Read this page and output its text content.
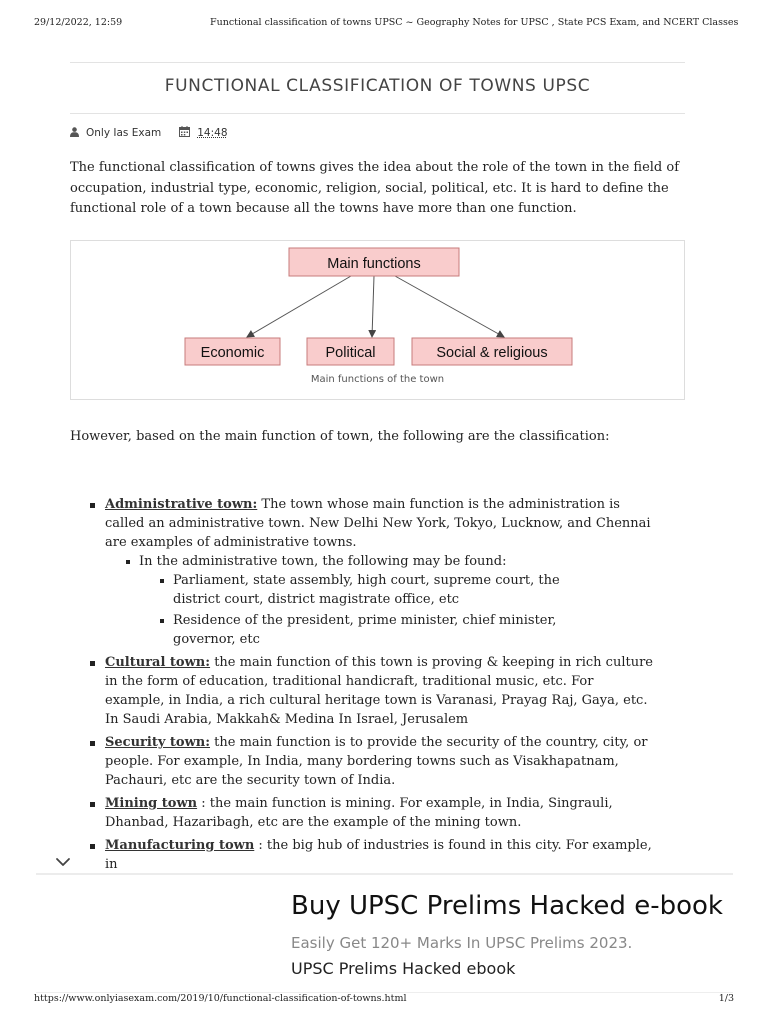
29/12/2022, 12:59	Functional classification of towns UPSC ~ Geography Notes for UPSC , State PCS Exam, and NCERT Classes
FUNCTIONAL CLASSIFICATION OF TOWNS UPSC
Only Ias Exam	14:48

The functional classification of towns gives the idea about the role of the town in the field of occupation, industrial type, economic, religion, social, political, etc. It is hard to define the functional role of a town because all the towns have more than one function.

Main functions
Economic	Political	Social & religious
Main functions of the town

However, based on the main function of town, the following are the classification:

Administrative town: The town whose main function is the administration is called an administrative town. New Delhi New York, Tokyo, Lucknow, and Chennai are examples of administrative towns.
In the administrative town, the following may be found:
Parliament, state assembly, high court, supreme court, the district court, district magistrate office, etc
Residence of the president, prime minister, chief minister, governor, etc
Cultural town: the main function of this town is proving & keeping in rich culture in the form of education, traditional handicraft, traditional music, etc. For example, in India, a rich cultural heritage town is Varanasi, Prayag Raj, Gaya, etc. In Saudi Arabia, Makkah& Medina In Israel, Jerusalem
Security town: the main function is to provide the security of the country, city, or people. For example, In India, many bordering towns such as Visakhapatnam, Pachauri, etc are the security town of India.
Mining town : the main function is mining. For example, in India, Singrauli, Dhanbad, Hazaribagh, etc are the example of the mining town.
Manufacturing town : the big hub of industries is found in this city. For example, in
Buy UPSC Prelims Hacked e-book
Easily Get 120+ Marks In UPSC Prelims 2023.
UPSC Prelims Hacked ebook
https://www.onlyiasexam.com/2019/10/functional-classification-of-towns.html	1/3
